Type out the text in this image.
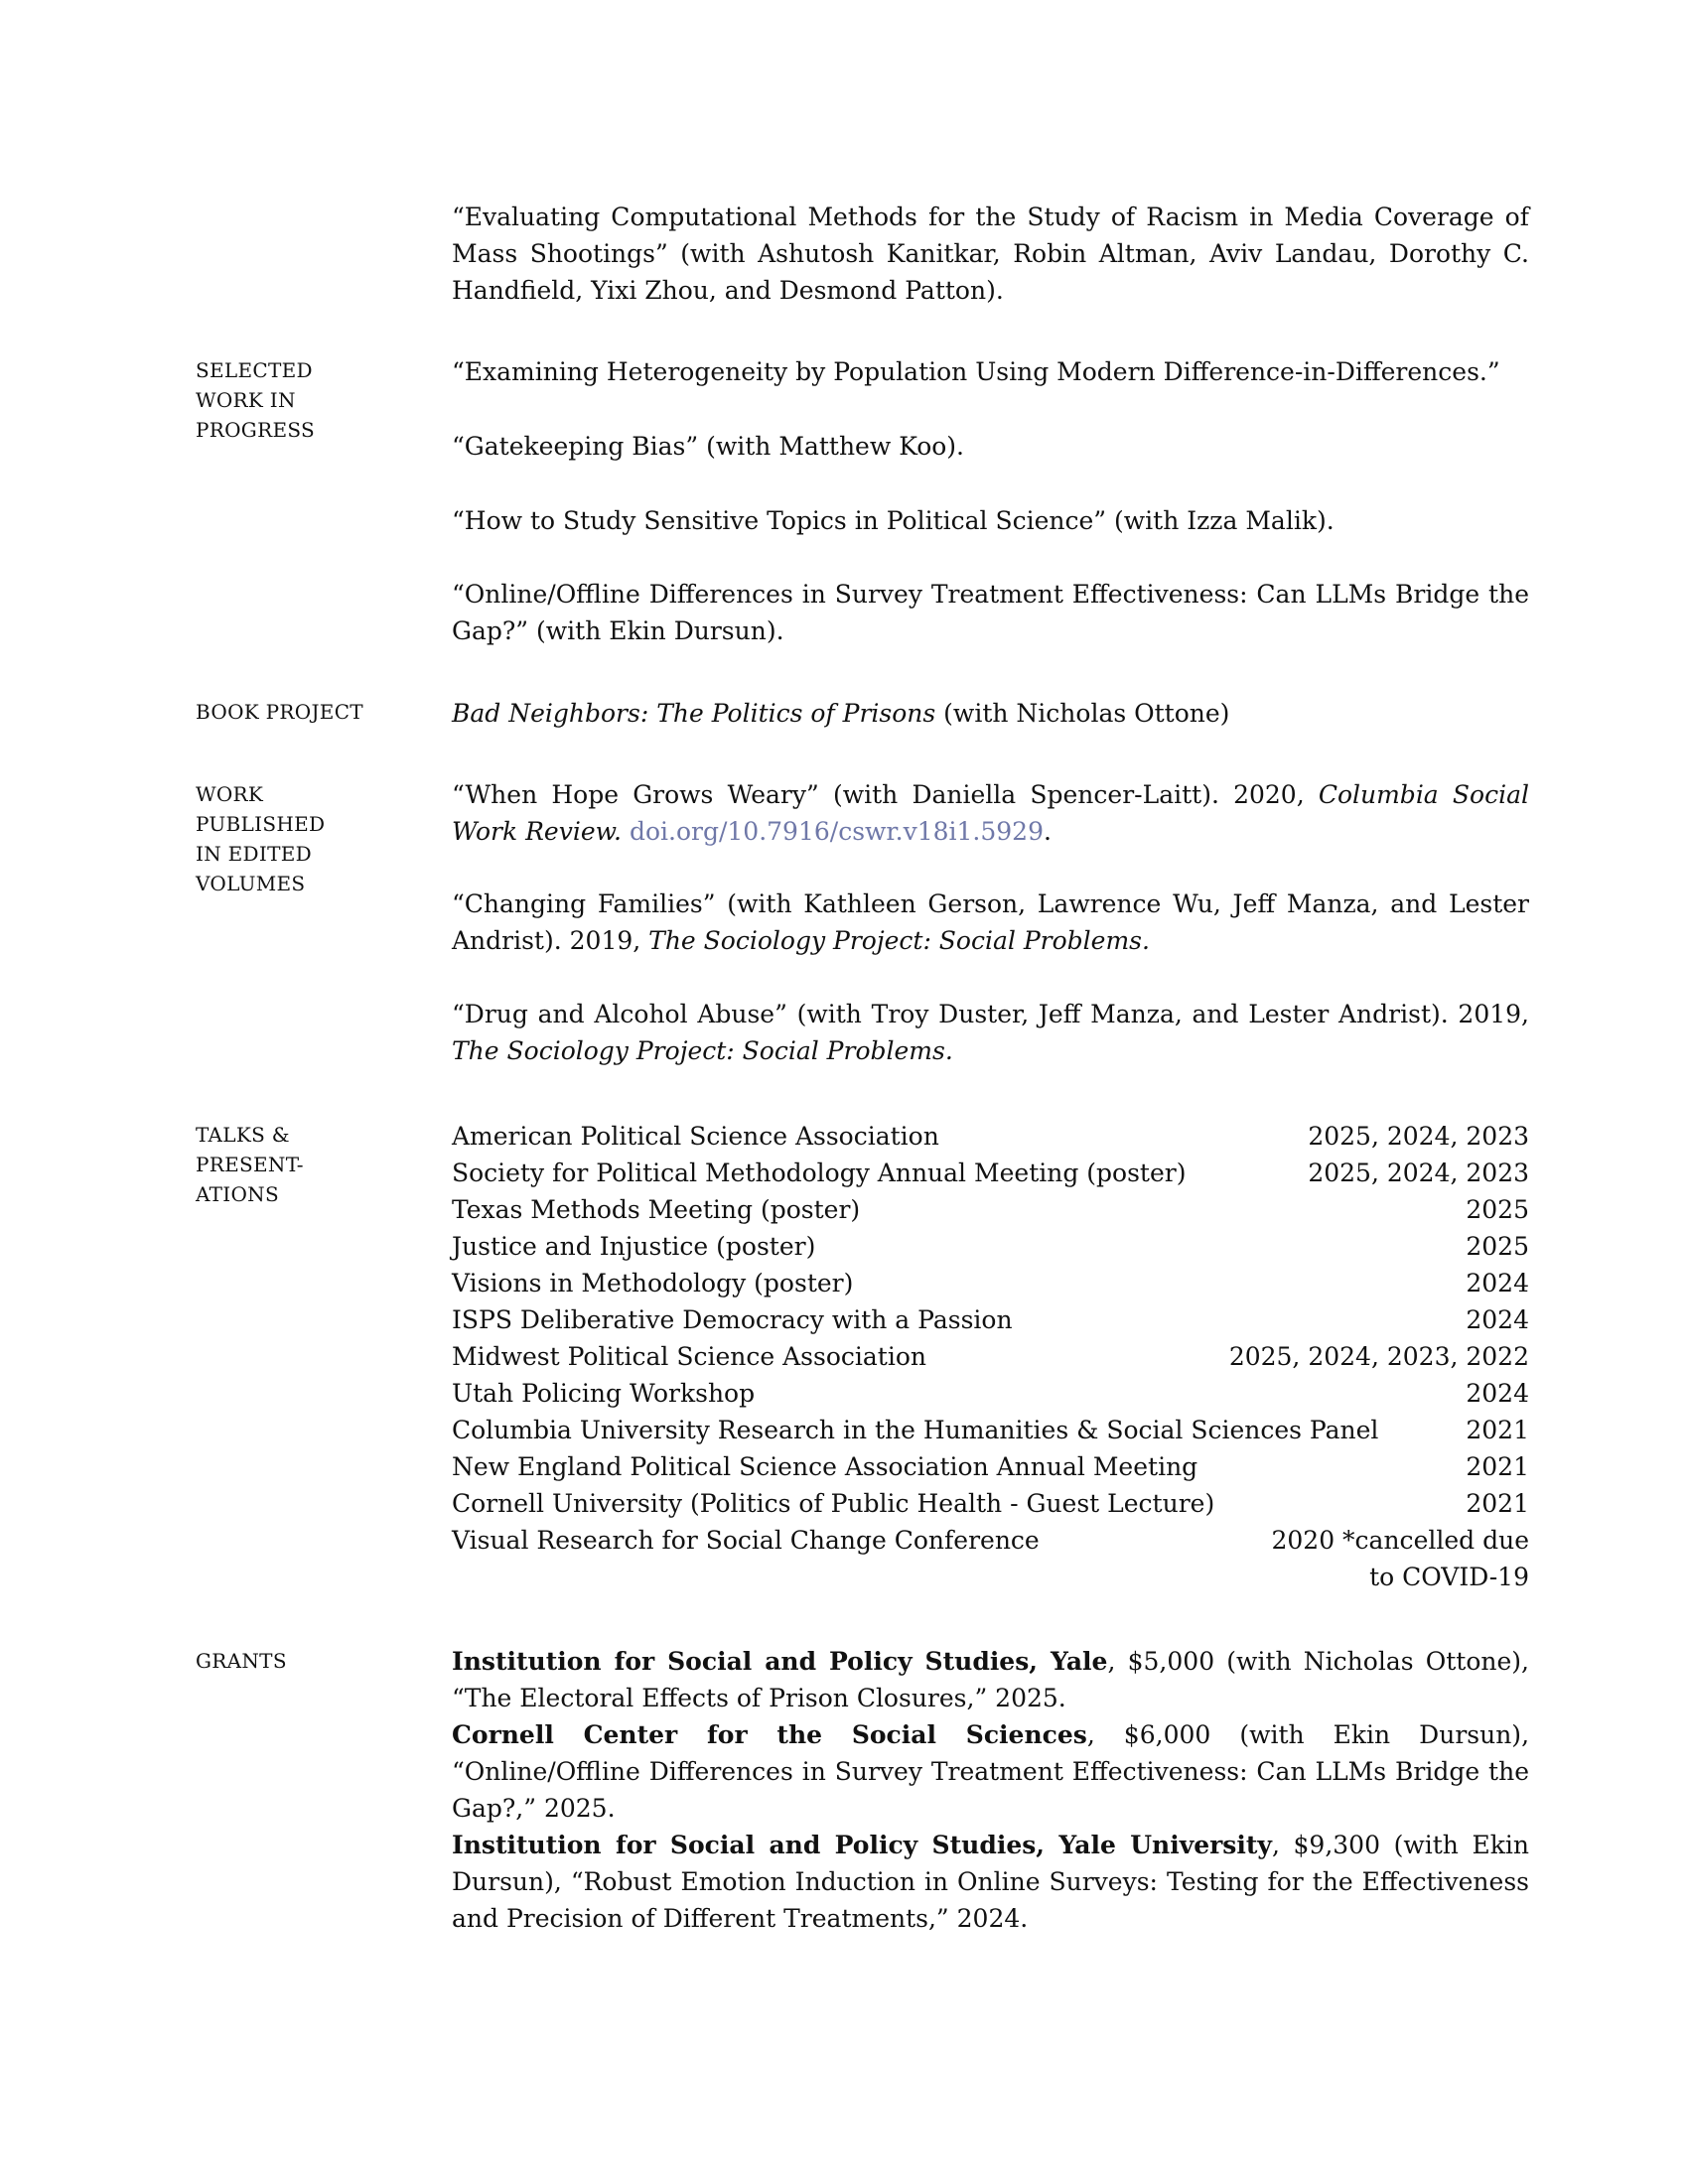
“Evaluating Computational Methods for the Study of Racism in Media Coverage of Mass Shootings” (with Ashutosh Kanitkar, Robin Altman, Aviv Landau, Dorothy C. Handfield, Yixi Zhou, and Desmond Patton).

SELECTED
WORK IN
PROGRESS

“Examining Heterogeneity by Population Using Modern Difference-in-Differences.”

“Gatekeeping Bias” (with Matthew Koo).

“How to Study Sensitive Topics in Political Science” (with Izza Malik).

“Online/Offline Differences in Survey Treatment Effectiveness: Can LLMs Bridge the Gap?” (with Ekin Dursun).

BOOK PROJECT	Bad Neighbors: The Politics of Prisons (with Nicholas Ottone)

WORK
PUBLISHED
IN EDITED
VOLUMES

“When Hope Grows Weary” (with Daniella Spencer-Laitt). 2020, Columbia Social Work Review. doi.org/10.7916/cswr.v18i1.5929.

“Changing Families” (with Kathleen Gerson, Lawrence Wu, Jeff Manza, and Lester Andrist). 2019, The Sociology Project: Social Problems.

“Drug and Alcohol Abuse” (with Troy Duster, Jeff Manza, and Lester Andrist). 2019, The Sociology Project: Social Problems.

TALKS &
PRESENT-
ATIONS
American Political Science Association	2025, 2024, 2023
Society for Political Methodology Annual Meeting (poster)	2025, 2024, 2023
Texas Methods Meeting (poster)	2025
Justice and Injustice (poster)	2025
Visions in Methodology (poster)	2024
ISPS Deliberative Democracy with a Passion	2024
Midwest Political Science Association	2025, 2024, 2023, 2022
Utah Policing Workshop	2024
Columbia University Research in the Humanities & Social Sciences Panel	2021
New England Political Science Association Annual Meeting	2021
Cornell University (Politics of Public Health - Guest Lecture)	2021
Visual Research for Social Change Conference	2020 *cancelled due to COVID-19
GRANTS	Institution for Social and Policy Studies, Yale, $5,000 (with Nicholas Ottone), “The Electoral Effects of Prison Closures,” 2025.

Cornell Center for the Social Sciences, $6,000 (with Ekin Dursun), “Online/Offline Differences in Survey Treatment Effectiveness: Can LLMs Bridge the Gap?,” 2025.

Institution for Social and Policy Studies, Yale University, $9,300 (with Ekin Dursun), “Robust Emotion Induction in Online Surveys: Testing for the Effectiveness and Precision of Different Treatments,” 2024.
